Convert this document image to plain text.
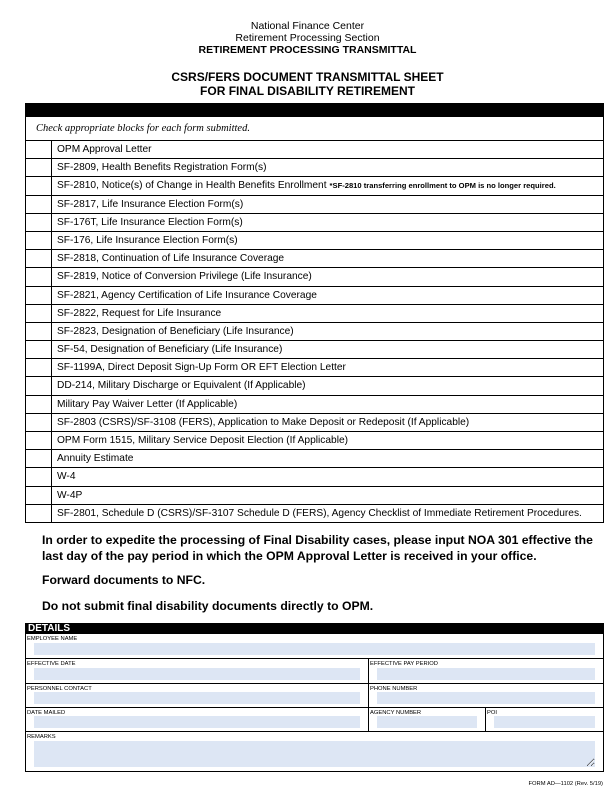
National Finance Center
Retirement Processing Section
RETIREMENT PROCESSING TRANSMITTAL
CSRS/FERS DOCUMENT TRANSMITTAL SHEET
FOR FINAL DISABILITY RETIREMENT
Check appropriate blocks for each form submitted.
OPM Approval Letter
SF-2809, Health Benefits Registration Form(s)
SF-2810, Notice(s) of Change in Health Benefits Enrollment *SF-2810 transferring enrollment to OPM is no longer required.
SF-2817, Life Insurance Election Form(s)
SF-176T, Life Insurance Election Form(s)
SF-176, Life Insurance Election Form(s)
SF-2818, Continuation of Life Insurance Coverage
SF-2819, Notice of Conversion Privilege (Life Insurance)
SF-2821, Agency Certification of Life Insurance Coverage
SF-2822, Request for Life Insurance
SF-2823, Designation of Beneficiary (Life Insurance)
SF-54, Designation of Beneficiary (Life Insurance)
SF-1199A, Direct Deposit Sign-Up Form OR EFT Election Letter
DD-214, Military Discharge or Equivalent (If Applicable)
Military Pay Waiver Letter (If Applicable)
SF-2803 (CSRS)/SF-3108 (FERS), Application to Make Deposit or Redeposit (If Applicable)
OPM Form 1515, Military Service Deposit Election (If Applicable)
Annuity Estimate
W-4
W-4P
SF-2801, Schedule D (CSRS)/SF-3107 Schedule D (FERS), Agency Checklist of Immediate Retirement Procedures.

In order to expedite the processing of Final Disability cases, please input NOA 301 effective the last day of the pay period in which the OPM Approval Letter is received in your office.

Forward documents to NFC.

Do not submit final disability documents directly to OPM.

DETAILS
EMPLOYEE NAME
EFFECTIVE DATE	EFFECTIVE PAY PERIOD
PERSONNEL CONTACT	PHONE NUMBER
DATE MAILED	AGENCY NUMBER	POI
REMARKS
FORM AD—1102 (Rev. 5/19)
